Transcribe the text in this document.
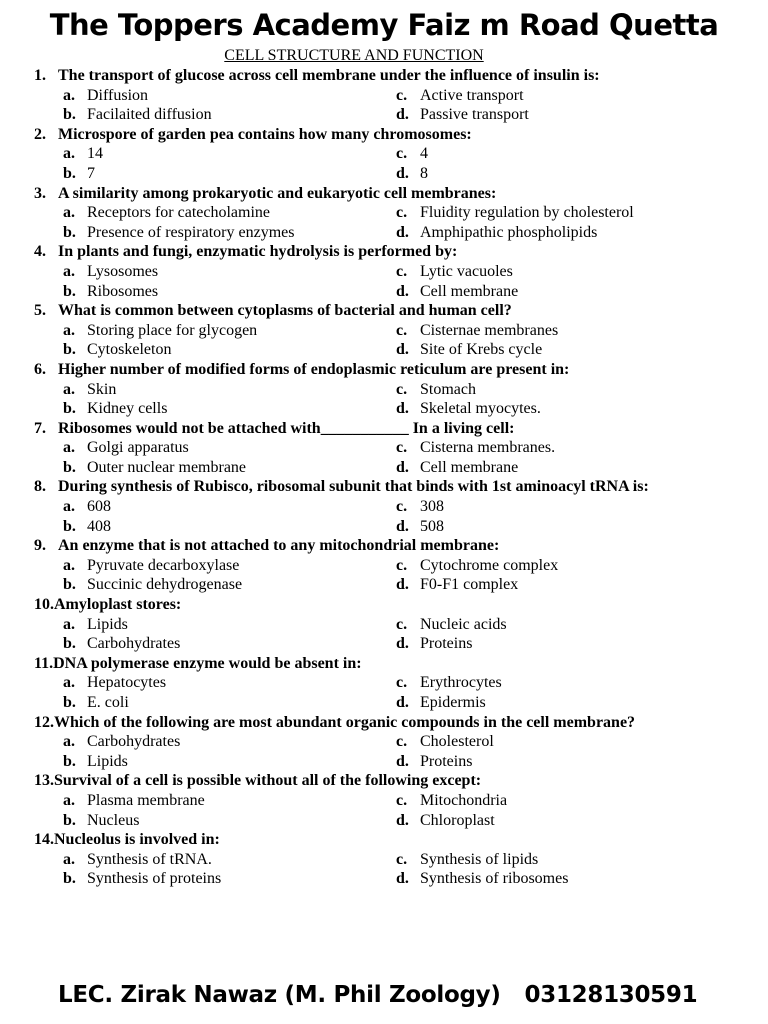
The Toppers Academy Faiz m Road Quetta
CELL STRUCTURE AND FUNCTION
1. The transport of glucose across cell membrane under the influence of insulin is:
a. Diffusion	c. Active transport
b. Facilaited diffusion	d. Passive transport
2. Microspore of garden pea contains how many chromosomes:
a. 14	c. 4
b. 7	d. 8
3. A similarity among prokaryotic and eukaryotic cell membranes:
a. Receptors for catecholamine	c. Fluidity regulation by cholesterol
b. Presence of respiratory enzymes	d. Amphipathic phospholipids
4. In plants and fungi, enzymatic hydrolysis is performed by:
a. Lysosomes	c. Lytic vacuoles
b. Ribosomes	d. Cell membrane
5. What is common between cytoplasms of bacterial and human cell?
a. Storing place for glycogen	c. Cisternae membranes
b. Cytoskeleton	d. Site of Krebs cycle
6. Higher number of modified forms of endoplasmic reticulum are present in:
a. Skin	c. Stomach
b. Kidney cells	d. Skeletal myocytes.
7. Ribosomes would not be attached with___________ In a living cell:
a. Golgi apparatus	c. Cisterna membranes.
b. Outer nuclear membrane	d. Cell membrane
8. During synthesis of Rubisco, ribosomal subunit that binds with 1st aminoacyl tRNA is:
a. 608	c. 308
b. 408	d. 508
9. An enzyme that is not attached to any mitochondrial membrane:
a. Pyruvate decarboxylase	c. Cytochrome complex
b. Succinic dehydrogenase	d. F0-F1 complex
10. Amyloplast stores:
a. Lipids	c. Nucleic acids
b. Carbohydrates	d. Proteins
11. DNA polymerase enzyme would be absent in:
a. Hepatocytes	c. Erythrocytes
b. E. coli	d. Epidermis
12. Which of the following are most abundant organic compounds in the cell membrane?
a. Carbohydrates	c. Cholesterol
b. Lipids	d. Proteins
13. Survival of a cell is possible without all of the following except:
a. Plasma membrane	c. Mitochondria
b. Nucleus	d. Chloroplast
14. Nucleolus is involved in:
a. Synthesis of tRNA.	c. Synthesis of lipids
b. Synthesis of proteins	d. Synthesis of ribosomes
LEC. Zirak Nawaz (M. Phil Zoology) 03128130591
